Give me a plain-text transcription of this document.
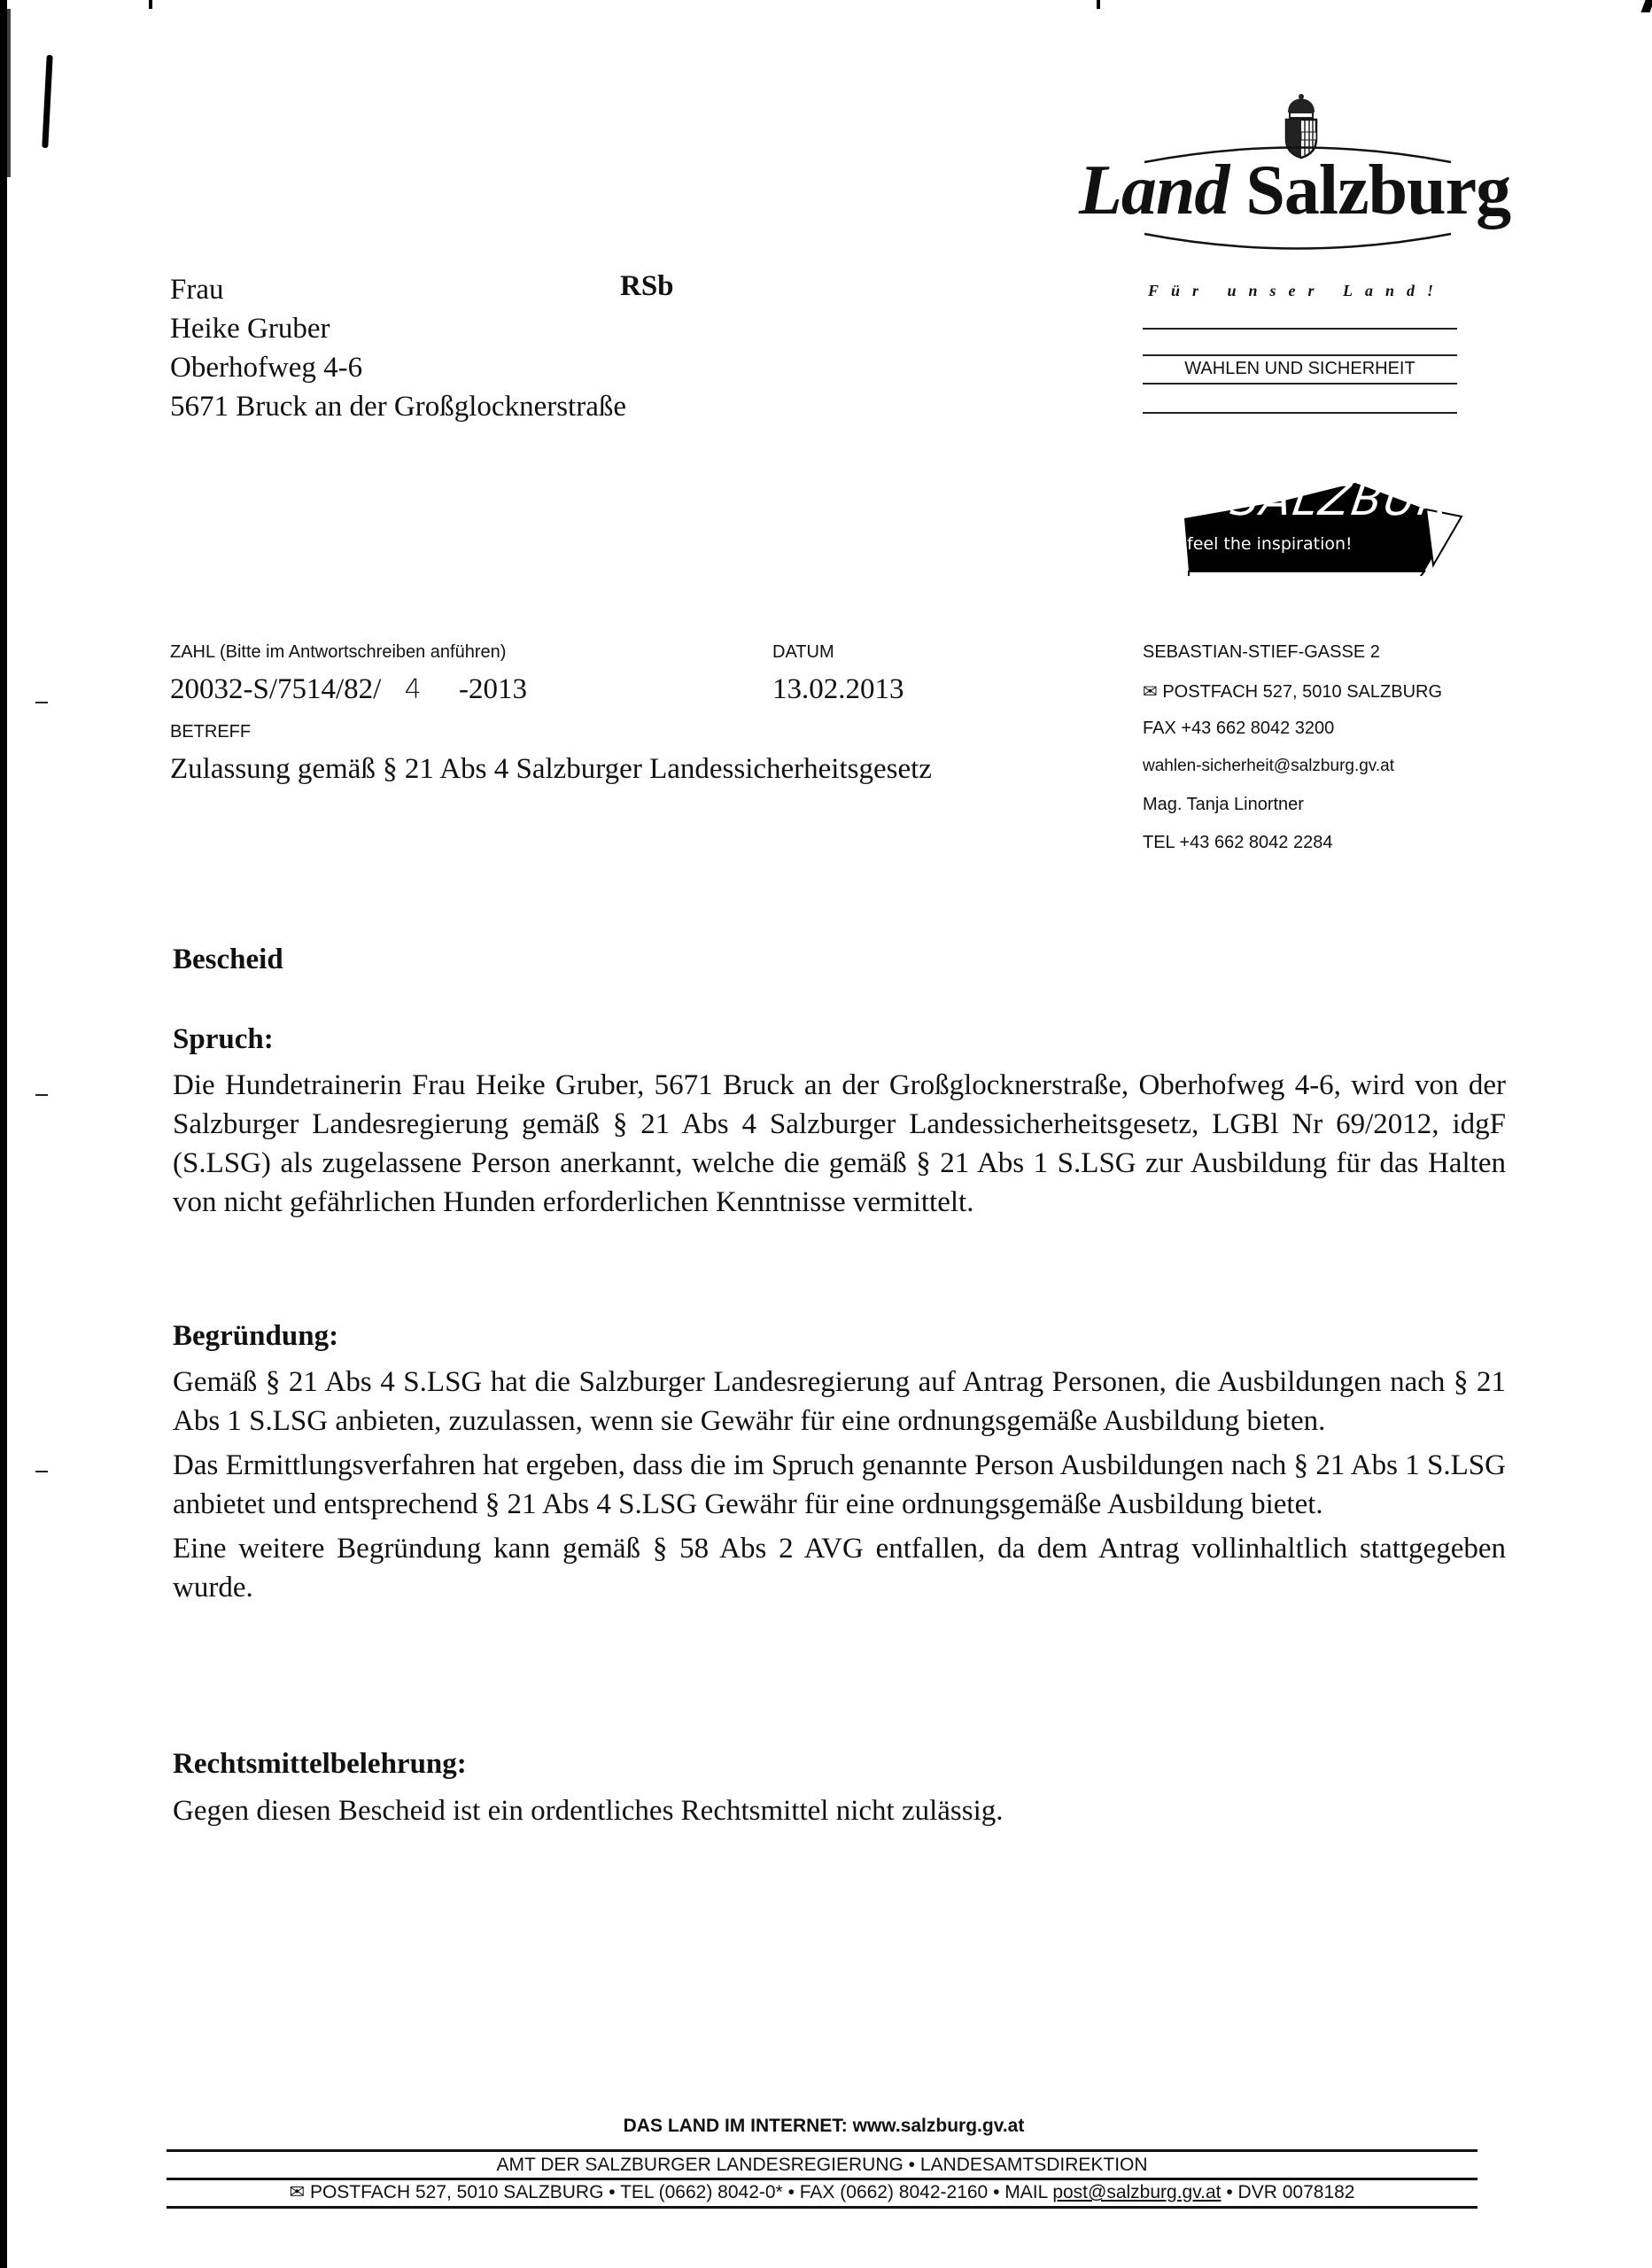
Land Salzburg
Für unser Land!
WAHLEN UND SICHERHEIT
SALZBURG
feel the inspiration!
Frau
Heike Gruber
Oberhofweg 4-6
5671 Bruck an der Großglocknerstraße
RSb
ZAHL (Bitte im Antwortschreiben anführen)
20032-S/7514/82/ 4 -2013
DATUM
13.02.2013
BETREFF
Zulassung gemäß § 21 Abs 4 Salzburger Landessicherheitsgesetz
SEBASTIAN-STIEF-GASSE 2
✉ POSTFACH 527, 5010 SALZBURG
FAX +43 662 8042 3200
wahlen-sicherheit@salzburg.gv.at
Mag. Tanja Linortner
TEL +43 662 8042 2284
Bescheid
Spruch:
Die Hundetrainerin Frau Heike Gruber, 5671 Bruck an der Großglocknerstraße, Oberhofweg 4-6, wird von der Salzburger Landesregierung gemäß § 21 Abs 4 Salzburger Landessicherheitsgesetz, LGBl Nr 69/2012, idgF (S.LSG) als zugelassene Person anerkannt, welche die gemäß § 21 Abs 1 S.LSG zur Ausbildung für das Halten von nicht gefährlichen Hunden erforderlichen Kenntnisse vermittelt.
Begründung:

Gemäß § 21 Abs 4 S.LSG hat die Salzburger Landesregierung auf Antrag Personen, die Ausbildungen nach § 21 Abs 1 S.LSG anbieten, zuzulassen, wenn sie Gewähr für eine ordnungsgemäße Ausbildung bieten.

Das Ermittlungsverfahren hat ergeben, dass die im Spruch genannte Person Ausbildungen nach § 21 Abs 1 S.LSG anbietet und entsprechend § 21 Abs 4 S.LSG Gewähr für eine ordnungsgemäße Ausbildung bietet.

Eine weitere Begründung kann gemäß § 58 Abs 2 AVG entfallen, da dem Antrag vollinhaltlich stattgegeben wurde.

Rechtsmittelbelehrung:
Gegen diesen Bescheid ist ein ordentliches Rechtsmittel nicht zulässig.
DAS LAND IM INTERNET: www.salzburg.gv.at
AMT DER SALZBURGER LANDESREGIERUNG • LANDESAMTSDIREKTION
✉ POSTFACH 527, 5010 SALZBURG • TEL (0662) 8042-0* • FAX (0662) 8042-2160 • MAIL post@salzburg.gv.at • DVR 0078182
